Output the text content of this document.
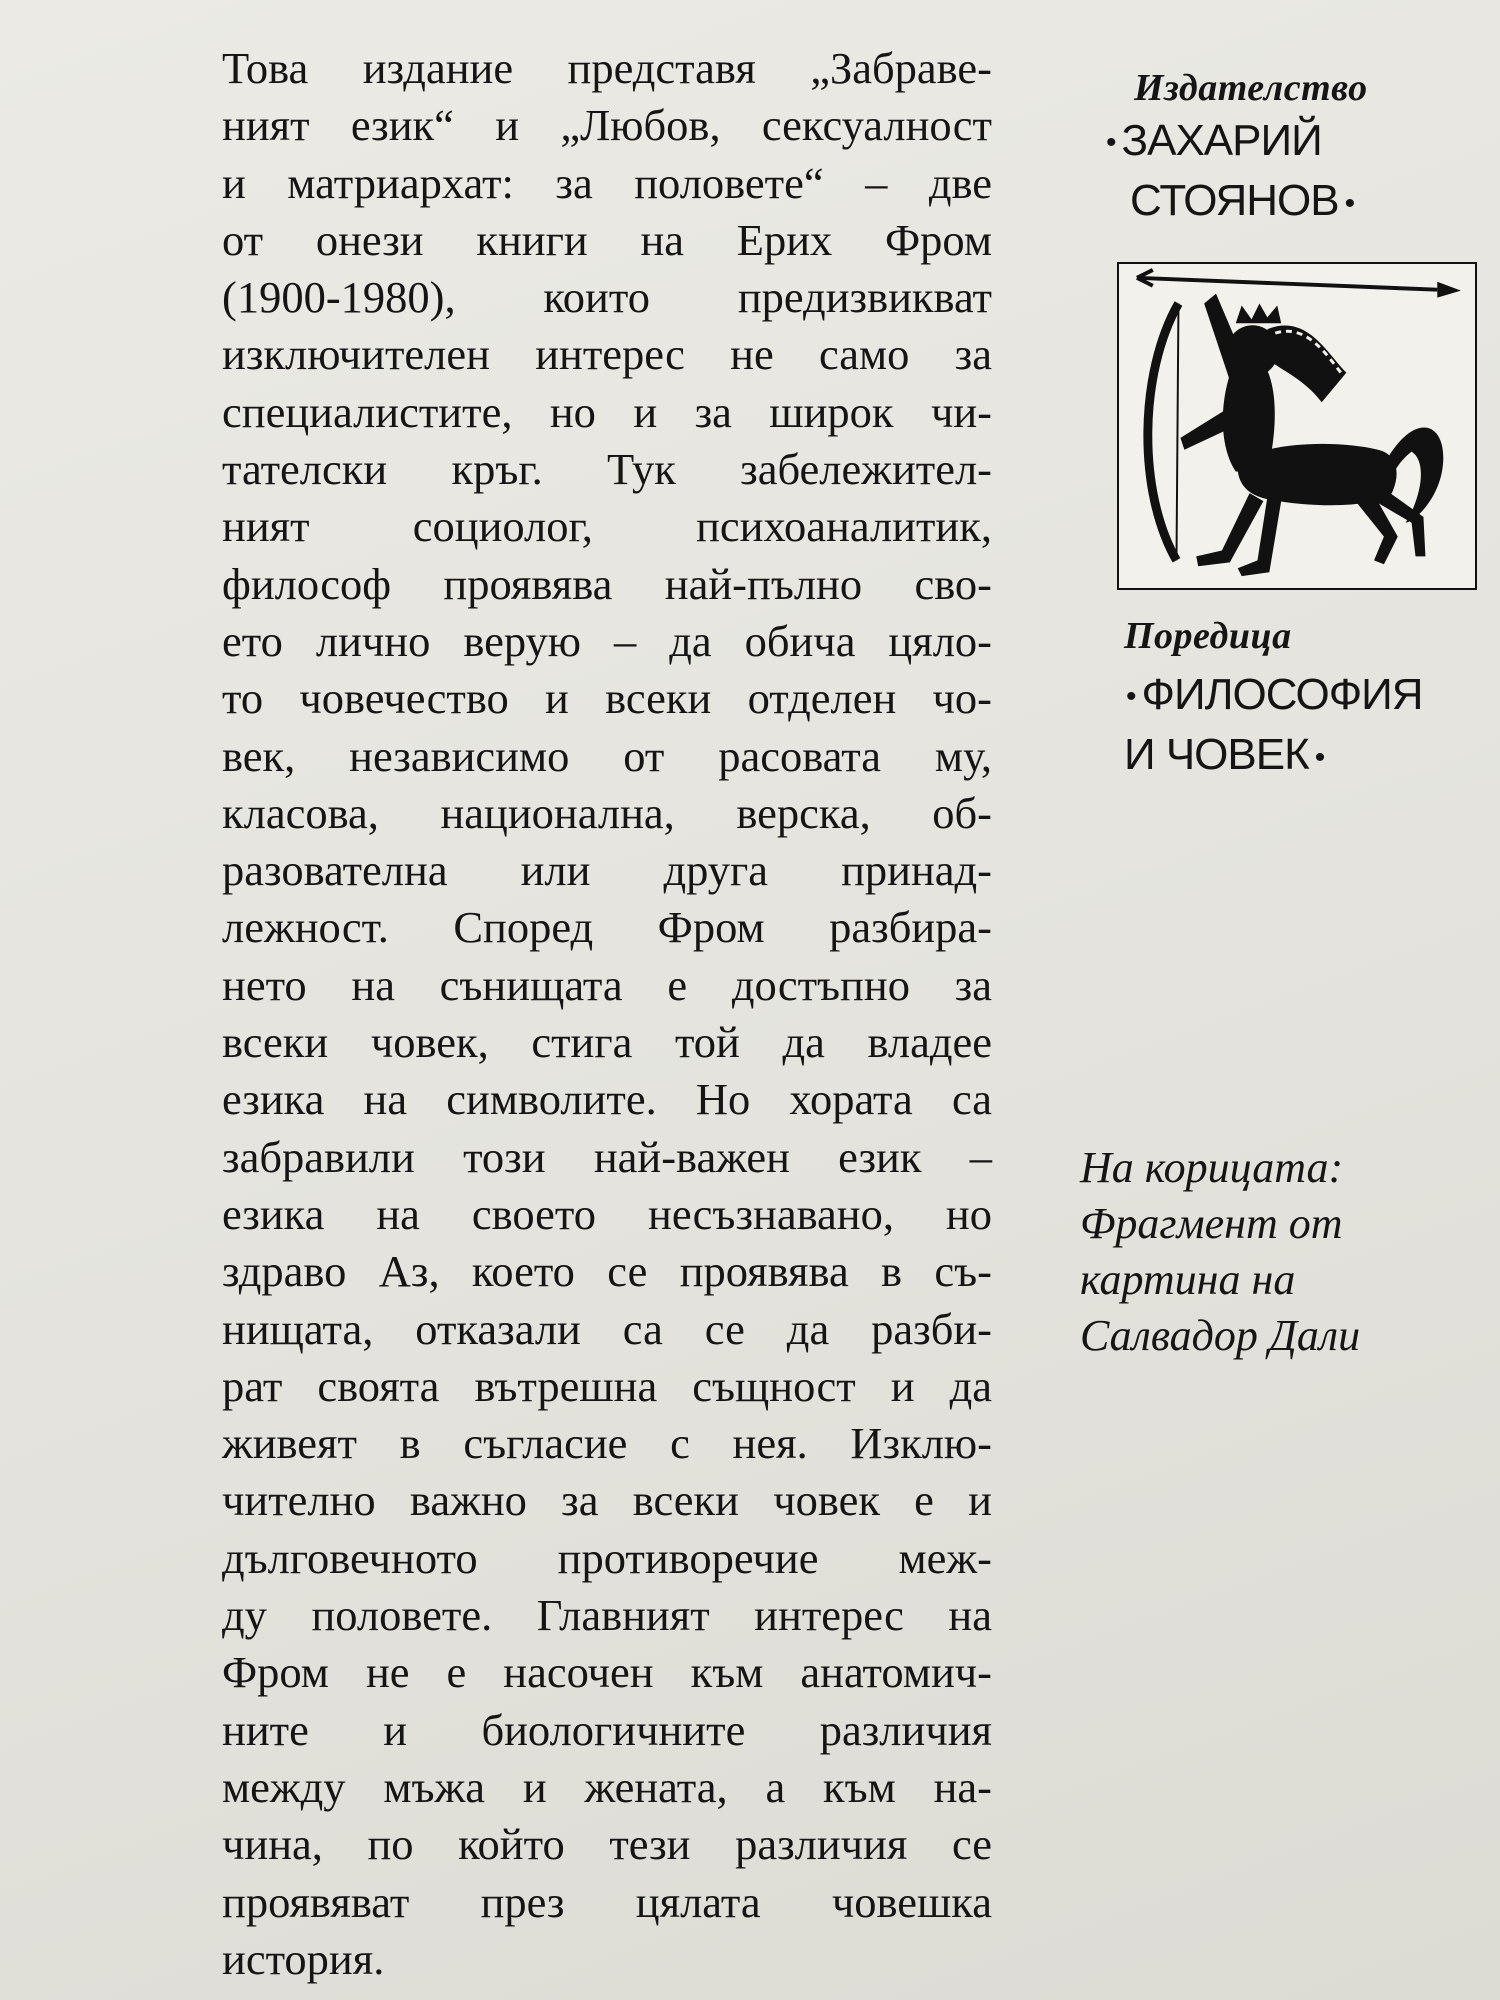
Това издание представя „Забраве-
ният език“ и „Любов, сексуалност
и матриархат: за половете“ – две
от онези книги на Ерих Фром
(1900-1980), които предизвикват
изключителен интерес не само за
специалистите, но и за широк чи-
тателски кръг. Тук забележител-
ният социолог, психоаналитик,
философ проявява най-пълно сво-
ето лично верую – да обича цяло-
то човечество и всеки отделен чо-
век, независимо от расовата му,
класова, национална, верска, об-
разователна или друга принад-
лежност. Според Фром разбира-
нето на сънищата е достъпно за
всеки човек, стига той да владее
езика на символите. Но хората са
забравили този най-важен език –
езика на своето несъзнавано, но
здраво Аз, което се проявява в съ-
нищата, отказали са се да разби-
рат своята вътрешна същност и да
живеят в съгласие с нея. Изклю-
чително важно за всеки човек е и
дълговечното противоречие меж-
ду половете. Главният интерес на
Фром не е насочен към анатомич-
ните и биологичните различия
между мъжа и жената, а към на-
чина, по който тези различия се
проявяват през цялата човешка
история.
Издателство
• ЗАХАРИЙ
СТОЯНОВ •
Поредица
• ФИЛОСОФИЯ
И ЧОВЕК •
На корицата:
Фрагмент от
картина на
Салвадор Дали
